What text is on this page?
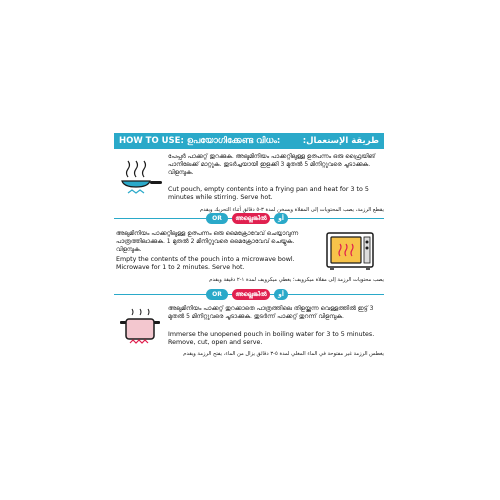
HOW TO USE: ഉപയോഗിക്കേണ്ട വിധം:	طريقة الإستعمال:
പേപ്പർ പാക്കറ്റ് തുറക്കുക. അലുമിനിയം പാക്കറ്റിലുള്ള ഉത്പന്നം ഒരു ഫ്രൈയിങ് പാനിലേക്ക് മാറ്റുക. തുടർച്ചയായി ഇളക്കി 3 മുതൽ 5 മിനിറ്റുവരെ ചൂടാക്കുക. വിളമ്പുക.
Cut pouch, empty contents into a frying pan and heat for 3 to 5 minutes while stirring. Serve hot.
يقطع الرزمة، يصب المحتويات إلى المقلاة ويسخن لمدة ٣-٥ دقائق أثناء التحريك ويقدم
OR	അല്ലെങ്കിൽ	أو
അലുമിനിയം പാക്കറ്റിലുള്ള ഉത്പന്നം ഒരു മൈക്രോവേവ് ചെയ്യാവുന്ന പാത്രത്തിലാക്കുക. 1 മുതൽ 2 മിനിറ്റുവരെ മൈക്രോവേവ് ചെയ്യുക. വിളമ്പുക.
Empty the contents of the pouch into a microwave bowl. Microwave for 1 to 2 minutes. Serve hot.
يصب محتويات الرزمة إلى مقلاة ميكرويف؛ يغطي ميكرويف لمدة ١-٢ دقيقة ويقدم
OR	അല്ലെങ്കിൽ	أو
അലുമിനിയം പാക്കറ്റ് തുറക്കാതെ പാത്രത്തിലെ തിളയ്ക്കുന്ന വെള്ളത്തിൽ ഇട്ട് 3 മുതൽ 5 മിനിറ്റുവരെ ചൂടാക്കുക. തുടർന്ന് പാക്കറ്റ് തുറന്ന് വിളമ്പുക.
Immerse the unopened pouch in boiling water for 3 to 5 minutes. Remove, cut, open and serve.
يغطس الرزمة غير مفتوحة في الماء المغلي لمدة ٥-٣ دقائق يزال من الماء، يفتح الرزمة ويقدم
